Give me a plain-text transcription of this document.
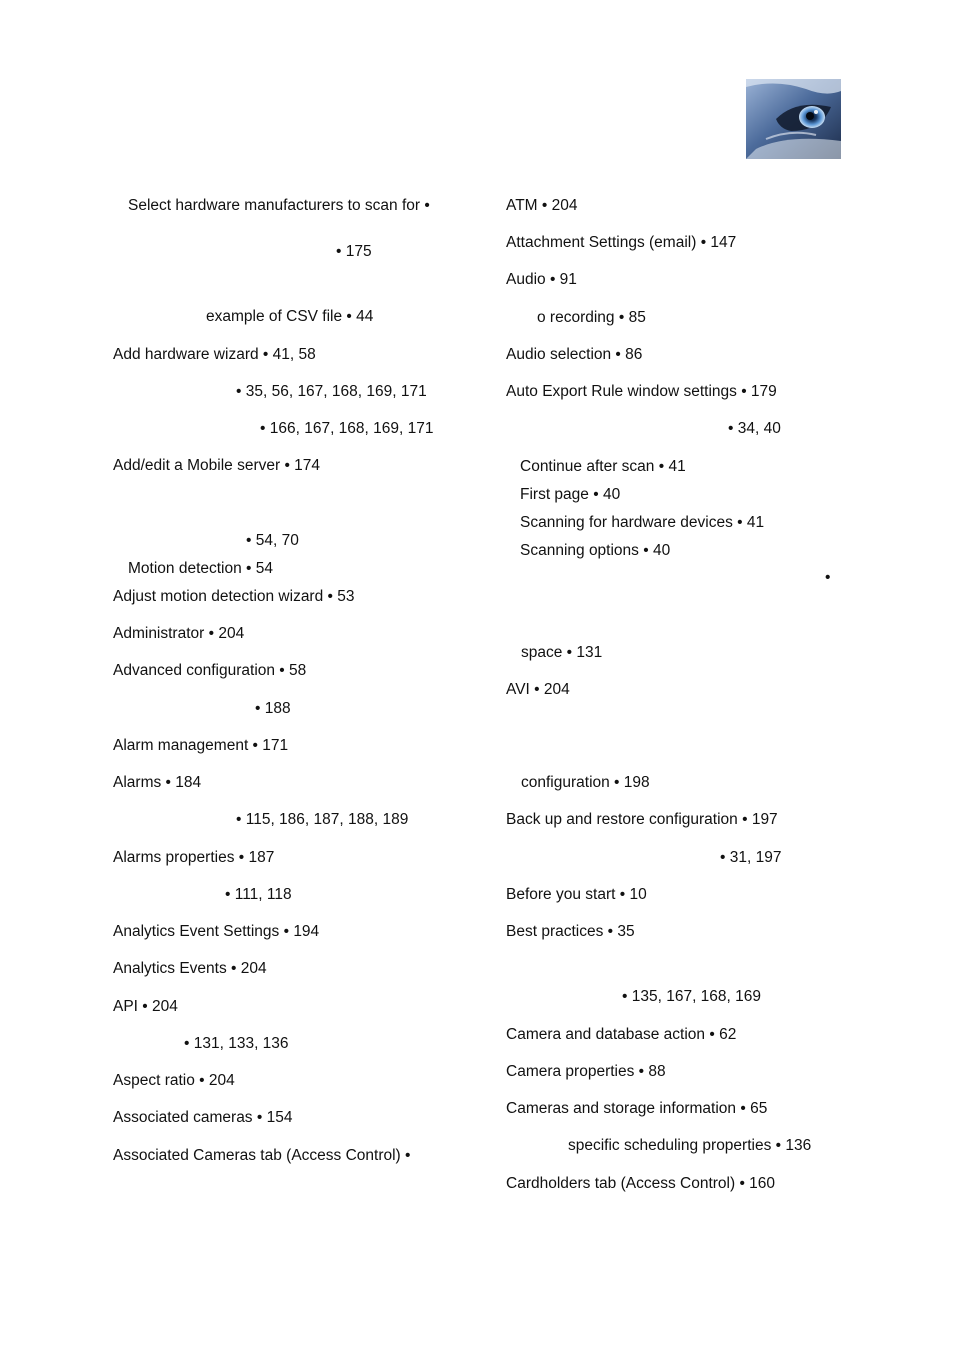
Select hardware manufacturers to scan for •
• 175
example of CSV file • 44
Add hardware wizard • 41, 58
• 35, 56, 167, 168, 169, 171
• 166, 167, 168, 169, 171
Add/edit a Mobile server • 174
• 54, 70
Motion detection • 54
Adjust motion detection wizard • 53
Administrator • 204
Advanced configuration • 58
• 188
Alarm management • 171
Alarms • 184
• 115, 186, 187, 188, 189
Alarms properties • 187
• 111, 118
Analytics Event Settings • 194
Analytics Events • 204
API • 204
• 131, 133, 136
Aspect ratio • 204
Associated cameras • 154
Associated Cameras tab (Access Control) •
ATM • 204
Attachment Settings (email) • 147
Audio • 91
o recording • 85
Audio selection • 86
Auto Export Rule window settings • 179
• 34, 40
Continue after scan • 41
First page • 40
Scanning for hardware devices • 41
Scanning options • 40
•
space • 131
AVI • 204
configuration • 198
Back up and restore configuration • 197
• 31, 197
Before you start • 10
Best practices • 35
• 135, 167, 168, 169
Camera and database action • 62
Camera properties • 88
Cameras and storage information • 65
specific scheduling properties • 136
Cardholders tab (Access Control) • 160
